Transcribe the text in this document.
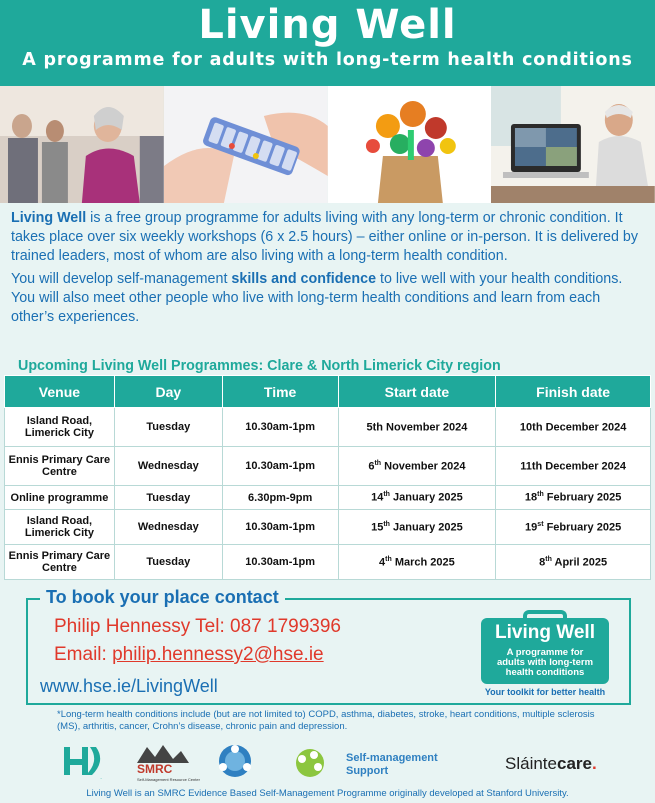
Living Well
A programme for adults with long-term health conditions

Living Well is a free group programme for adults living with any long-term or chronic condition. It takes place over six weekly workshops (6 x 2.5 hours) – either online or in-person. It is delivered by trained leaders, most of whom are also living with a long-term health condition.

You will develop self-management skills and confidence to live well with your health conditions. You will also meet other people who live with long-term health conditions and learn from each other’s experiences.

Upcoming Living Well Programmes: Clare & North Limerick City region
Venue	Day	Time	Start date	Finish date
Island Road, Limerick City	Tuesday	10.30am-1pm	5th November 2024	10th December 2024
Ennis Primary Care Centre	Wednesday	10.30am-1pm	6th November 2024	11th December 2024
Online programme	Tuesday	6.30pm-9pm	14th January 2025	18th February 2025
Island Road, Limerick City	Wednesday	10.30am-1pm	15th January 2025	19st February 2025
Ennis Primary Care Centre	Tuesday	10.30am-1pm	4th March 2025	8th April 2025
To book your place contact
Philip Hennessy Tel: 087 1799396
Email: philip.hennessy2@hse.ie
www.hse.ie/LivingWell
Living Well
A programme for
adults with long-term
health conditions
Your toolkit for better health
*Long-term health conditions include (but are not limited to) COPD, asthma, diabetes, stroke, heart conditions, multiple sclerosis (MS), arthritis, cancer, Crohn’s disease, chronic pain and depression.
HSE
SMRC
Self-Management Resource Center
Self-management
Support	Sláintecare.
Living Well is an SMRC Evidence Based Self-Management Programme originally developed at Stanford University.
